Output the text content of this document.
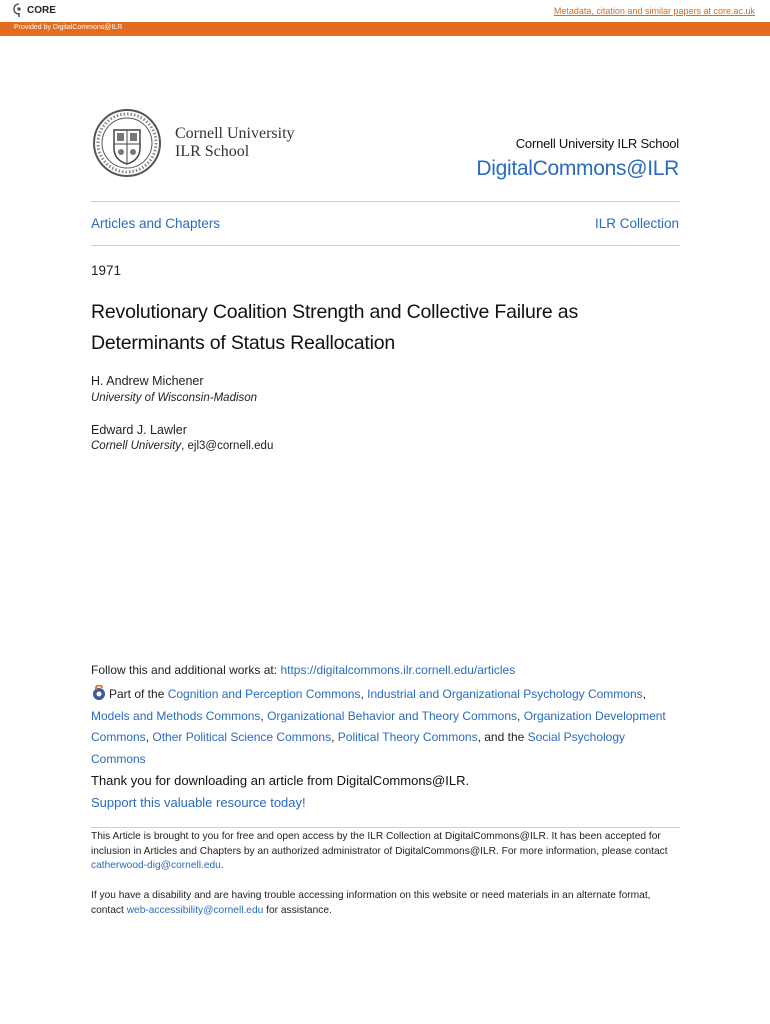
CORE	Metadata, citation and similar papers at core.ac.uk
Provided by DigitalCommons@ILR
Cornell University
ILR School	Cornell University ILR School
DigitalCommons@ILR
Articles and Chapters	ILR Collection
1971
Revolutionary Coalition Strength and Collective Failure as Determinants of Status Reallocation
H. Andrew Michener
University of Wisconsin-Madison
Edward J. Lawler
Cornell University, ejl3@cornell.edu
Follow this and additional works at: https://digitalcommons.ilr.cornell.edu/articles
Part of the Cognition and Perception Commons, Industrial and Organizational Psychology Commons, Models and Methods Commons, Organizational Behavior and Theory Commons, Organization Development Commons, Other Political Science Commons, Political Theory Commons, and the Social Psychology Commons
Thank you for downloading an article from DigitalCommons@ILR.
Support this valuable resource today!
This Article is brought to you for free and open access by the ILR Collection at DigitalCommons@ILR. It has been accepted for inclusion in Articles and Chapters by an authorized administrator of DigitalCommons@ILR. For more information, please contact catherwood-dig@cornell.edu.
If you have a disability and are having trouble accessing information on this website or need materials in an alternate format, contact web-accessibility@cornell.edu for assistance.
